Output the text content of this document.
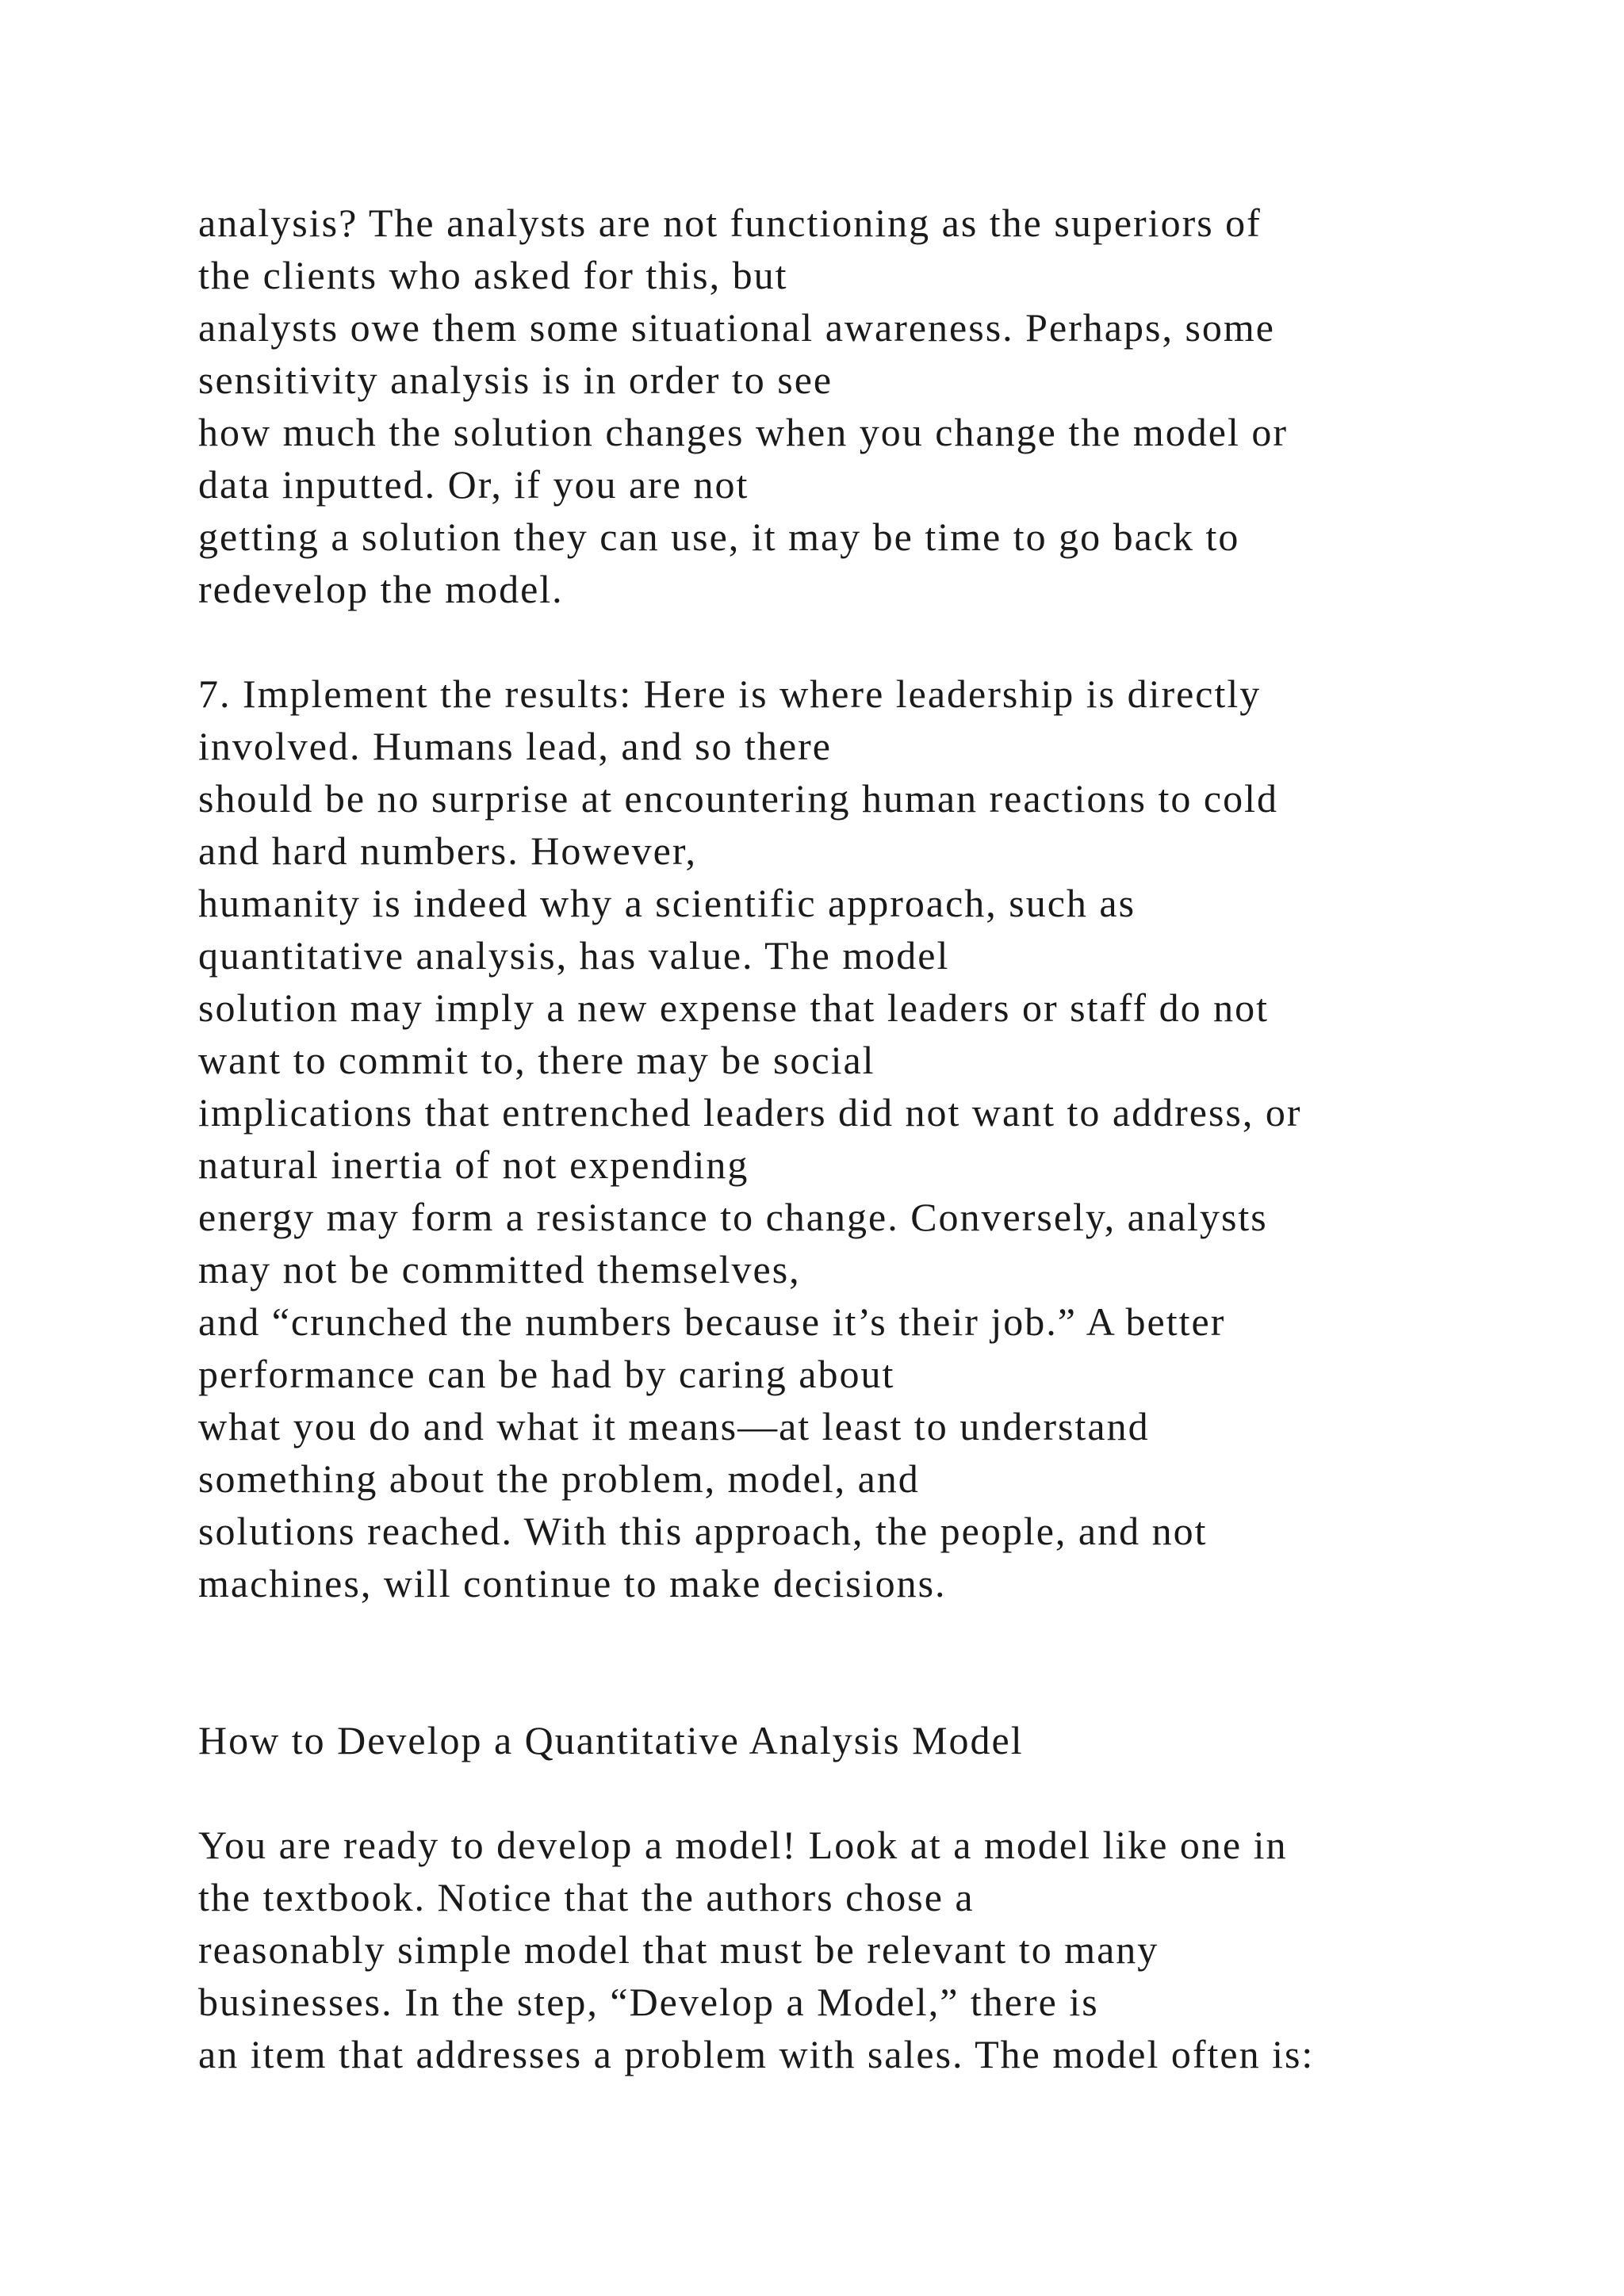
analysis? The analysts are not functioning as the superiors of
the clients who asked for this, but
analysts owe them some situational awareness. Perhaps, some
sensitivity analysis is in order to see
how much the solution changes when you change the model or
data inputted. Or, if you are not
getting a solution they can use, it may be time to go back to
redevelop the model.
7. Implement the results: Here is where leadership is directly
involved. Humans lead, and so there
should be no surprise at encountering human reactions to cold
and hard numbers. However,
humanity is indeed why a scientific approach, such as
quantitative analysis, has value. The model
solution may imply a new expense that leaders or staff do not
want to commit to, there may be social
implications that entrenched leaders did not want to address, or
natural inertia of not expending
energy may form a resistance to change. Conversely, analysts
may not be committed themselves,
and “crunched the numbers because it’s their job.” A better
performance can be had by caring about
what you do and what it means—at least to understand
something about the problem, model, and
solutions reached. With this approach, the people, and not
machines, will continue to make decisions.
How to Develop a Quantitative Analysis Model
You are ready to develop a model! Look at a model like one in
the textbook. Notice that the authors chose a
reasonably simple model that must be relevant to many
businesses. In the step, “Develop a Model,” there is
an item that addresses a problem with sales. The model often is:
